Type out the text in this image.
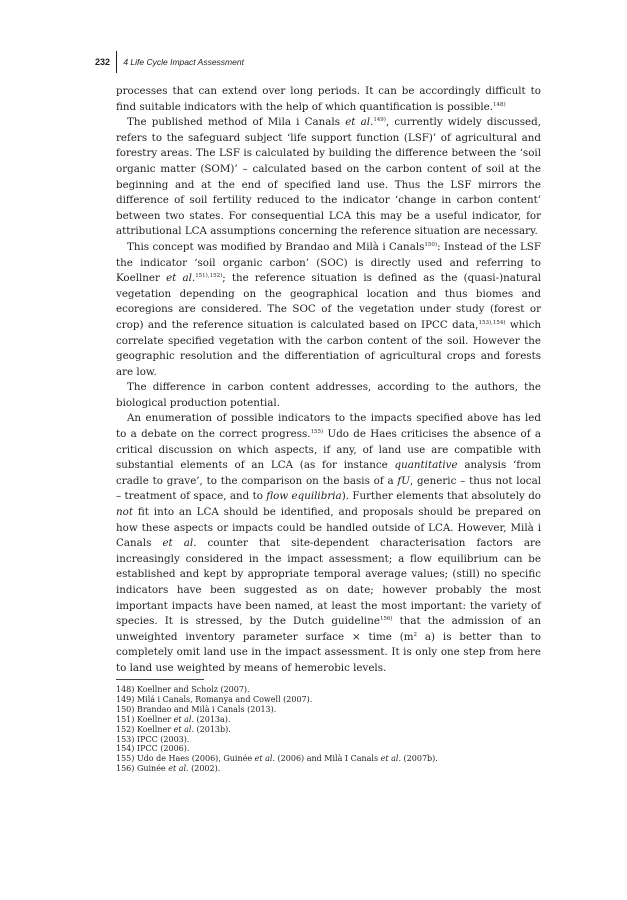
232 4 Life Cycle Impact Assessment

processes that can extend over long periods. It can be accordingly difficult to find suitable indicators with the help of which quantification is possible.$^{148)}$

The published method of Mila i Canals et al.$^{149)}$, currently widely discussed, refers to the safeguard subject ‘life support function (LSF)’ of agricultural and forestry areas. The LSF is calculated by building the difference between the ‘soil organic matter (SOM)’ – calculated based on the carbon content of soil at the beginning and at the end of specified land use. Thus the LSF mirrors the difference of soil fertility reduced to the indicator ‘change in carbon content’ between two states. For consequential LCA this may be a useful indicator, for attributional LCA assumptions concerning the reference situation are necessary.

This concept was modified by Brandao and Milà i Canals$^{150)}$: Instead of the LSF the indicator ‘soil organic carbon’ (SOC) is directly used and referring to Koellner et al.$^{151),152)}$; the reference situation is defined as the (quasi-)natural vegetation depending on the geographical location and thus biomes and ecoregions are considered. The SOC of the vegetation under study (forest or crop) and the reference situation is calculated based on IPCC data,$^{153),154)}$ which correlate specified vegetation with the carbon content of the soil. However the geographic resolution and the differentiation of agricultural crops and forests are low.

The difference in carbon content addresses, according to the authors, the biological production potential.

An enumeration of possible indicators to the impacts specified above has led to a debate on the correct progress.$^{155)}$ Udo de Haes criticises the absence of a critical discussion on which aspects, if any, of land use are compatible with substantial elements of an LCA (as for instance quantitative analysis ‘from cradle to grave’, to the comparison on the basis of a fU, generic – thus not local – treatment of space, and to flow equilibria). Further elements that absolutely do not fit into an LCA should be identified, and proposals should be prepared on how these aspects or impacts could be handled outside of LCA. However, Milà i Canals et al. counter that site-dependent characterisation factors are increasingly considered in the impact assessment; a flow equilibrium can be established and kept by appropriate temporal average values; (still) no specific indicators have been suggested as on date; however probably the most important impacts have been named, at least the most important: the variety of species. It is stressed, by the Dutch guideline$^{156)}$ that the admission of an unweighted inventory parameter surface × time ($m^2$ a) is better than to completely omit land use in the impact assessment. It is only one step from here to land use weighted by means of hemerobic levels.

148) Koellner and Scholz (2007).
149) Milá i Canals, Romanya and Cowell (2007).
150) Brandao and Milà i Canals (2013).
151) Koellner et al. (2013a).
152) Koellner et al. (2013b).
153) IPCC (2003).
154) IPCC (2006).
155) Udo de Haes (2006), Guinée et al. (2006) and Milà I Canals et al. (2007b).
156) Guinée et al. (2002).
